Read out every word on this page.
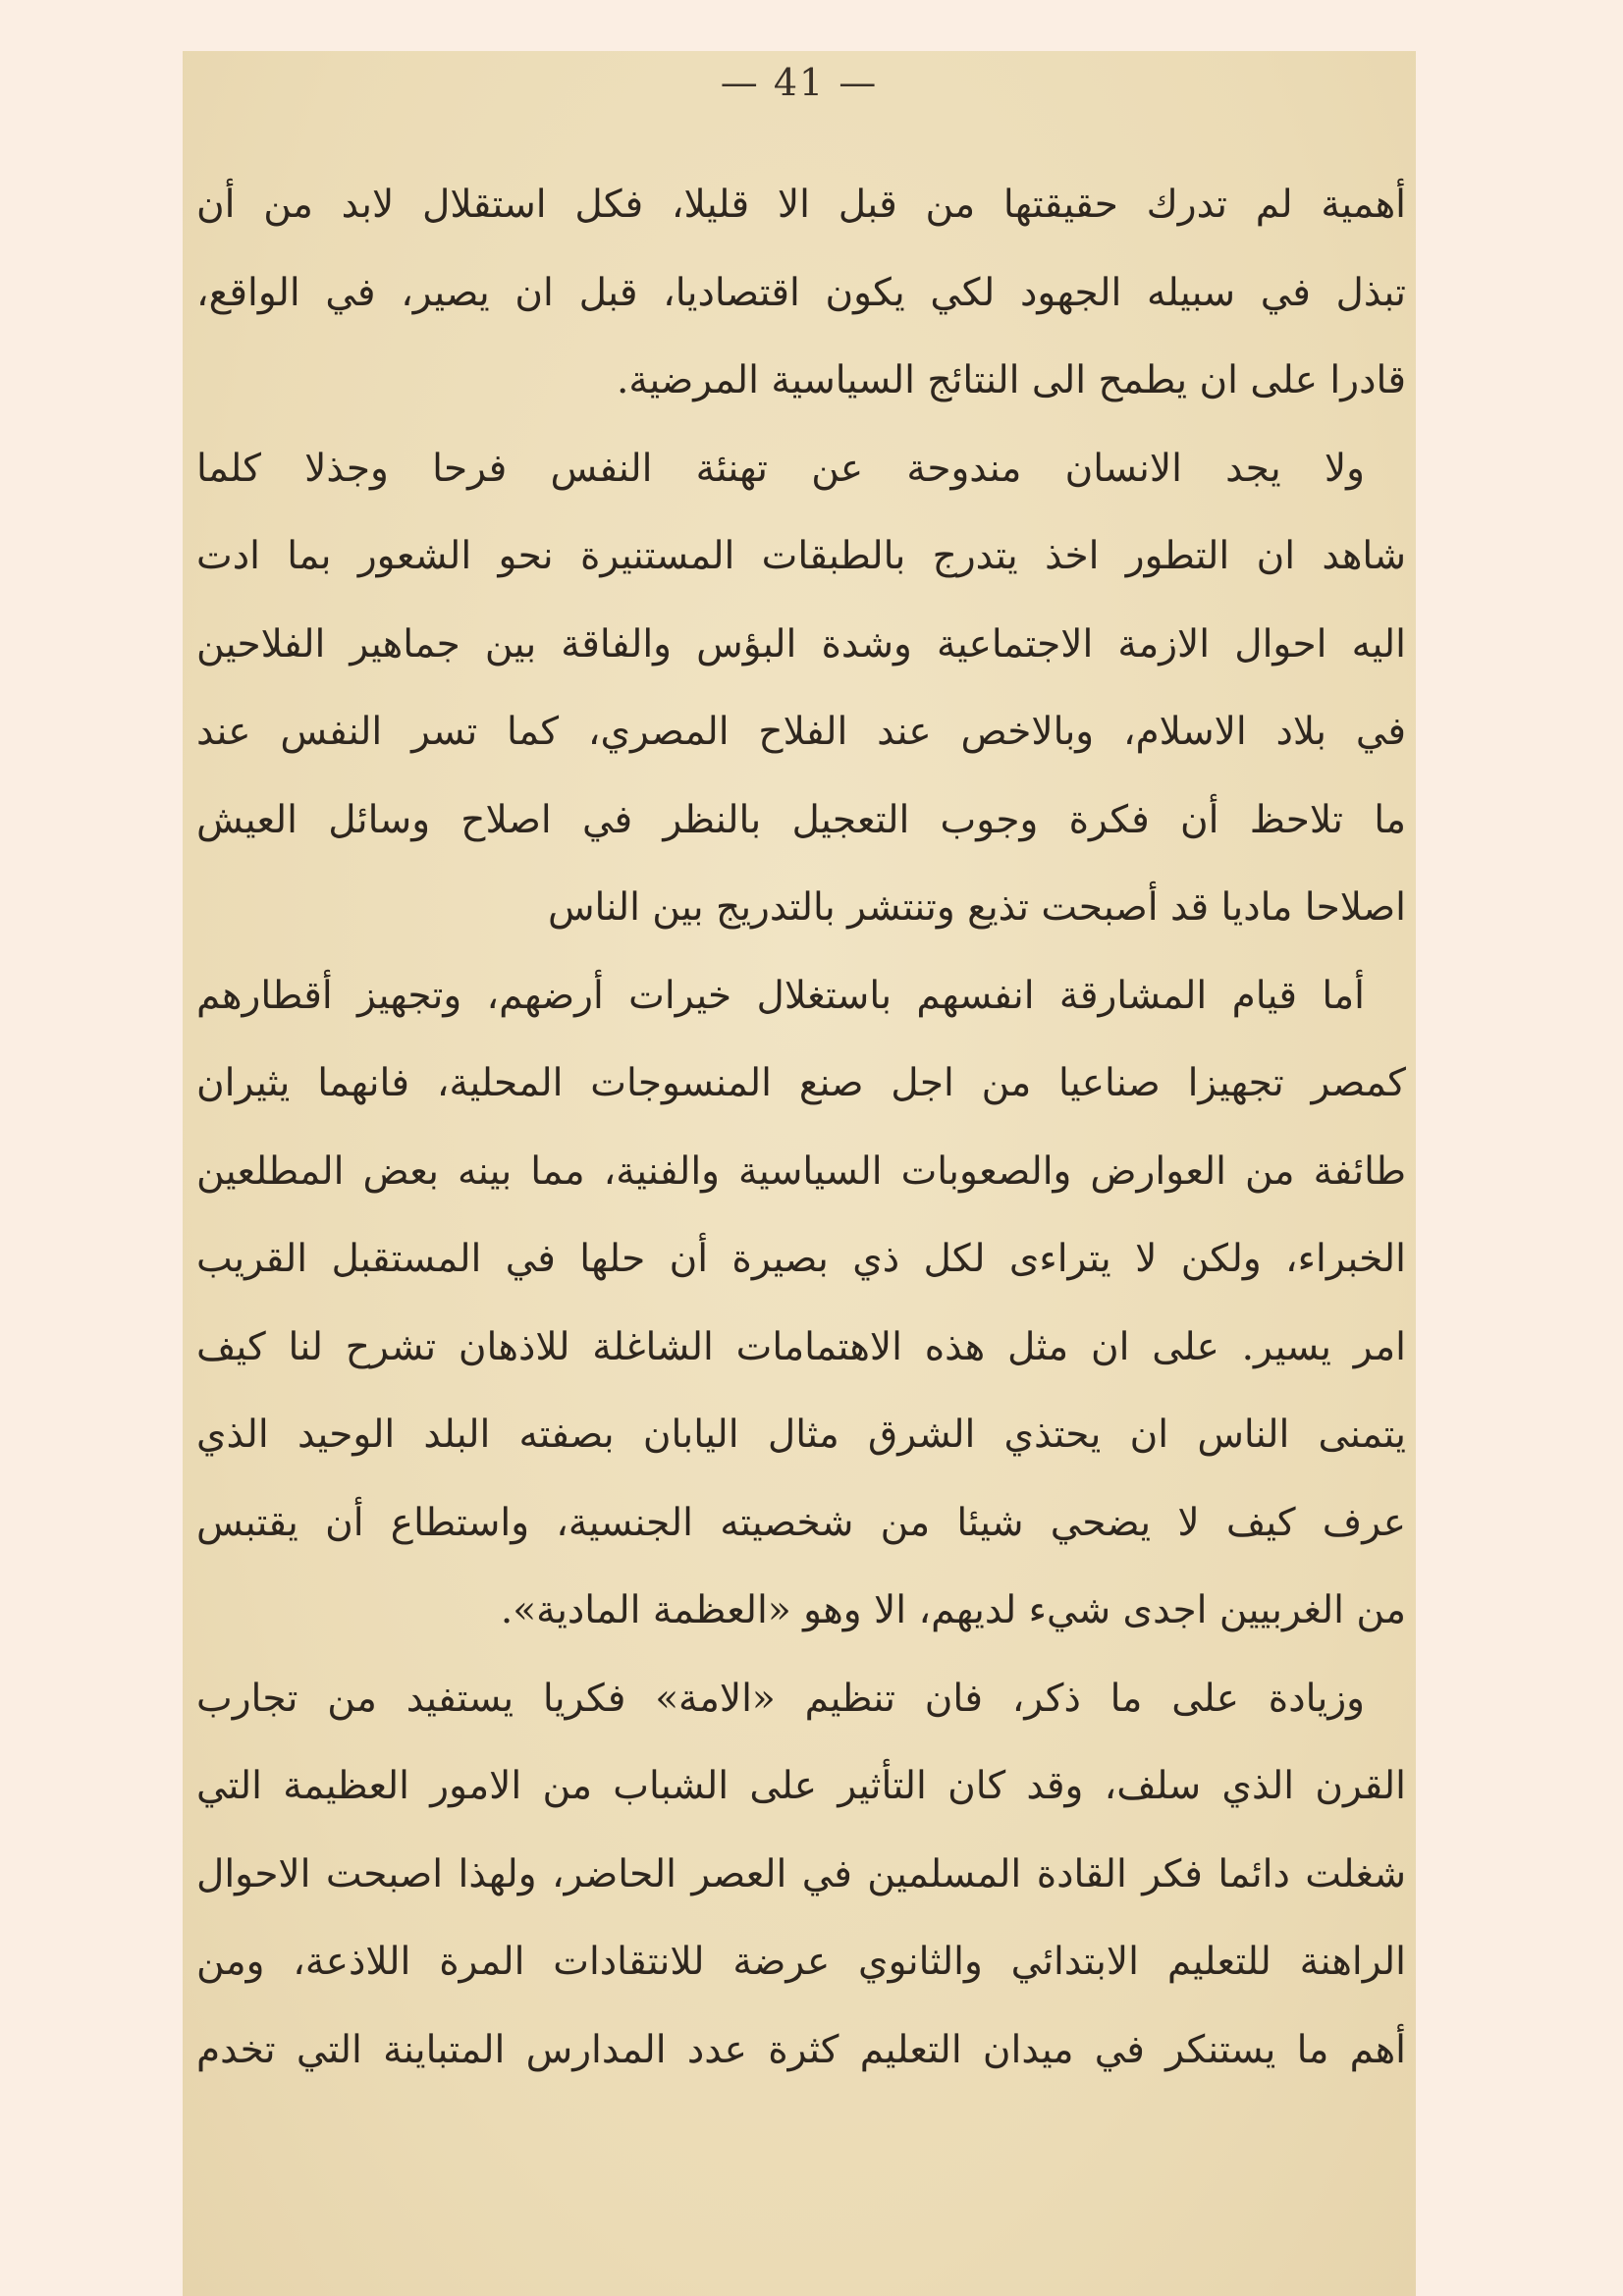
— 41 —
أهمية لم تدرك حقيقتها من قبل الا قليلا، فكل استقلال لابد من أن
تبذل في سبيله الجهود لكي يكون اقتصاديا، قبل ان يصير، في الواقع،
قادرا على ان يطمح الى النتائج السياسية المرضية.
ولا يجد الانسان مندوحة عن تهنئة النفس فرحا وجذلا كلما
شاهد ان التطور اخذ يتدرج بالطبقات المستنيرة نحو الشعور بما ادت
اليه احوال الازمة الاجتماعية وشدة البؤس والفاقة بين جماهير الفلاحين
في بلاد الاسلام، وبالاخص عند الفلاح المصري، كما تسر النفس عند
ما تلاحظ أن فكرة وجوب التعجيل بالنظر في اصلاح وسائل العيش
اصلاحا ماديا قد أصبحت تذيع وتنتشر بالتدريج بين الناس
أما قيام المشارقة انفسهم باستغلال خيرات أرضهم، وتجهيز أقطارهم
كمصر تجهيزا صناعيا من اجل صنع المنسوجات المحلية، فانهما يثيران
طائفة من العوارض والصعوبات السياسية والفنية، مما بينه بعض المطلعين
الخبراء، ولكن لا يتراءى لكل ذي بصيرة أن حلها في المستقبل القريب
امر يسير. على ان مثل هذه الاهتمامات الشاغلة للاذهان تشرح لنا كيف
يتمنى الناس ان يحتذي الشرق مثال اليابان بصفته البلد الوحيد الذي
عرف كيف لا يضحي شيئا من شخصيته الجنسية، واستطاع أن يقتبس
من الغربيين اجدى شيء لديهم، الا وهو «العظمة المادية».
وزيادة على ما ذكر، فان تنظيم «الامة» فكريا يستفيد من تجارب
القرن الذي سلف، وقد كان التأثير على الشباب من الامور العظيمة التي
شغلت دائما فكر القادة المسلمين في العصر الحاضر، ولهذا اصبحت الاحوال
الراهنة للتعليم الابتدائي والثانوي عرضة للانتقادات المرة اللاذعة، ومن
أهم ما يستنكر في ميدان التعليم كثرة عدد المدارس المتباينة التي تخدم
